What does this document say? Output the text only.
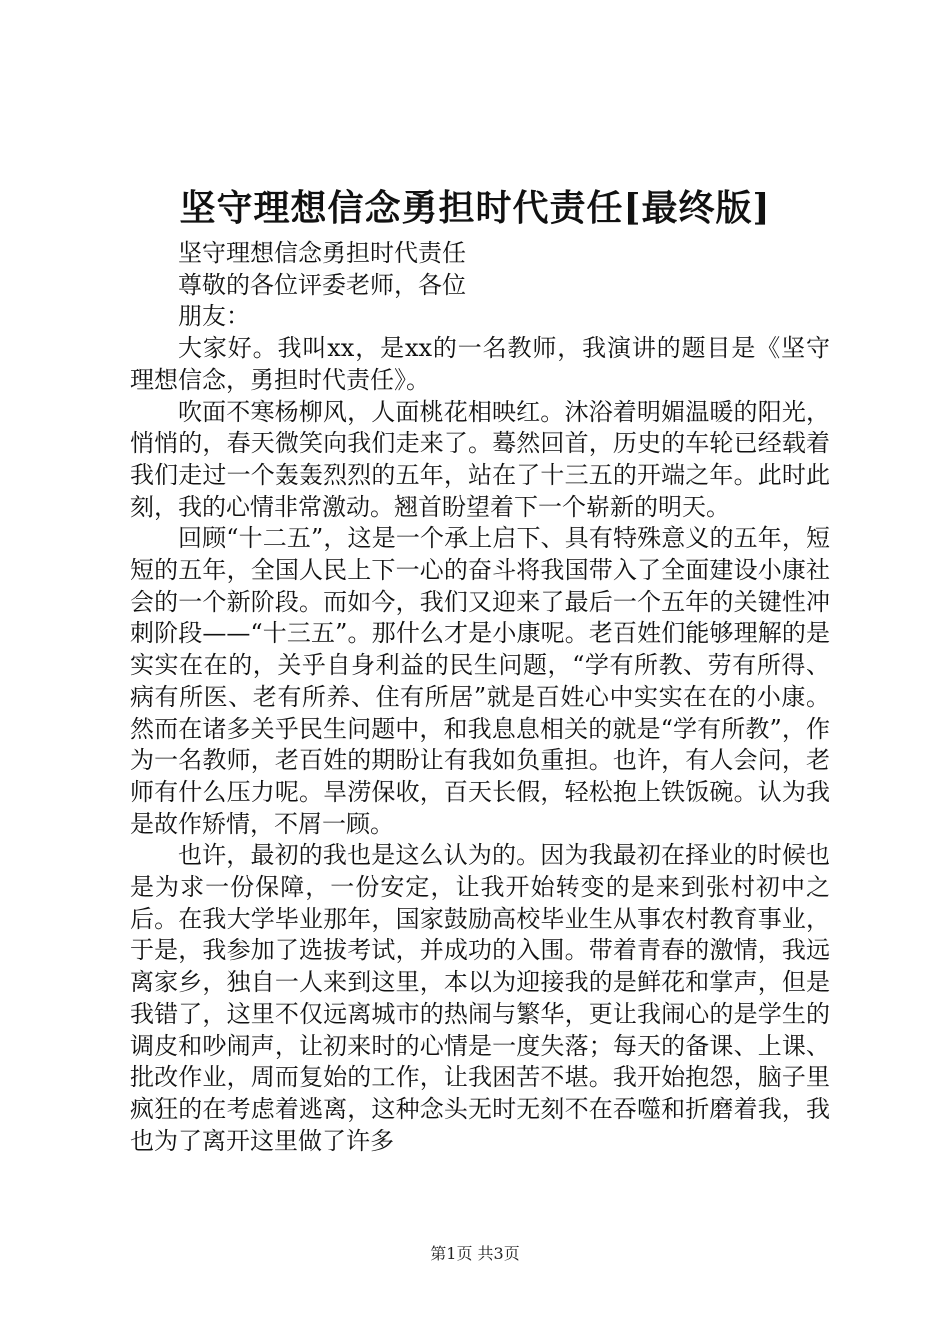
坚守理想信念勇担时代责任[最终版]

坚守理想信念勇担时代责任

尊敬的各位评委老师，各位

朋友：

大家好。我叫xx，是xx的一名教师，我演讲的题目是《坚守理想信念，勇担时代责任》。

吹面不寒杨柳风，人面桃花相映红。沐浴着明媚温暖的阳光，悄悄的，春天微笑向我们走来了。蓦然回首，历史的车轮已经载着我们走过一个轰轰烈烈的五年，站在了十三五的开端之年。此时此刻，我的心情非常激动。翘首盼望着下一个崭新的明天。

回顾“十二五”，这是一个承上启下、具有特殊意义的五年，短短的五年，全国人民上下一心的奋斗将我国带入了全面建设小康社会的一个新阶段。而如今，我们又迎来了最后一个五年的关键性冲刺阶段——“十三五”。那什么才是小康呢。老百姓们能够理解的是实实在在的，关乎自身利益的民生问题，“学有所教、劳有所得、病有所医、老有所养、住有所居”就是百姓心中实实在在的小康。然而在诸多关乎民生问题中，和我息息相关的就是“学有所教”，作为一名教师，老百姓的期盼让有我如负重担。也许，有人会问，老师有什么压力呢。旱涝保收，百天长假，轻松抱上铁饭碗。认为我是故作矫情，不屑一顾。

也许，最初的我也是这么认为的。因为我最初在择业的时候也是为求一份保障，一份安定，让我开始转变的是来到张村初中之后。在我大学毕业那年，国家鼓励高校毕业生从事农村教育事业，于是，我参加了选拔考试，并成功的入围。带着青春的激情，我远离家乡，独自一人来到这里，本以为迎接我的是鲜花和掌声，但是我错了，这里不仅远离城市的热闹与繁华，更让我闹心的是学生的调皮和吵闹声，让初来时的心情是一度失落；每天的备课、上课、批改作业，周而复始的工作，让我困苦不堪。我开始抱怨，脑子里疯狂的在考虑着逃离，这种念头无时无刻不在吞噬和折磨着我，我也为了离开这里做了许多

第1页 共3页
